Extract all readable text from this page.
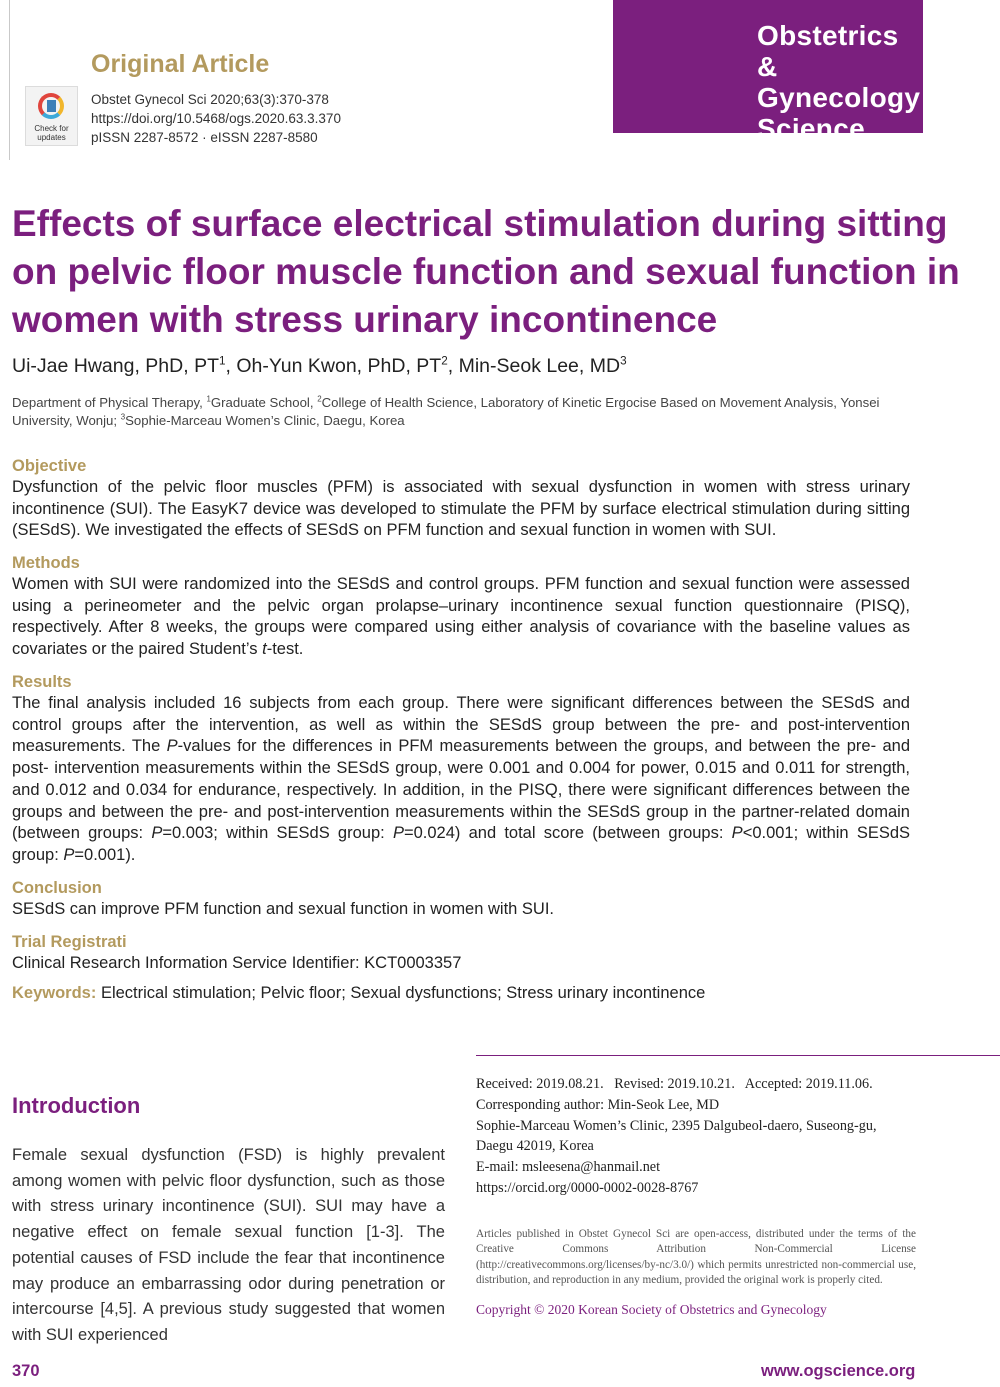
Original Article
Check for updates
Obstet Gynecol Sci 2020;63(3):370-378
https://doi.org/10.5468/ogs.2020.63.3.370
pISSN 2287-8572 · eISSN 2287-8580
Obstetrics &
Gynecology
Science
Effects of surface electrical stimulation during sitting on pelvic floor muscle function and sexual function in women with stress urinary incontinence
Ui-Jae Hwang, PhD, $PT^1$, Oh-Yun Kwon, PhD, $PT^2$, Min-Seok Lee, $MD^3$
Department of Physical Therapy, $^1$Graduate School, $^2$College of Health Science, Laboratory of Kinetic Ergocise Based on Movement Analysis, Yonsei University, Wonju; $^3$Sophie-Marceau Women’s Clinic, Daegu, Korea
Objective
Dysfunction of the pelvic floor muscles (PFM) is associated with sexual dysfunction in women with stress urinary incontinence (SUI). The EasyK7 device was developed to stimulate the PFM by surface electrical stimulation during sitting (SESdS). We investigated the effects of SESdS on PFM function and sexual function in women with SUI.
Methods
Women with SUI were randomized into the SESdS and control groups. PFM function and sexual function were assessed using a perineometer and the pelvic organ prolapse–urinary incontinence sexual function questionnaire (PISQ), respectively. After 8 weeks, the groups were compared using either analysis of covariance with the baseline values as covariates or the paired Student’s t-test.
Results
The final analysis included 16 subjects from each group. There were significant differences between the SESdS and control groups after the intervention, as well as within the SESdS group between the pre- and post-intervention measurements. The P-values for the differences in PFM measurements between the groups, and between the pre- and post- intervention measurements within the SESdS group, were 0.001 and 0.004 for power, 0.015 and 0.011 for strength, and 0.012 and 0.034 for endurance, respectively. In addition, in the PISQ, there were significant differences between the groups and between the pre- and post-intervention measurements within the SESdS group in the partner-related domain (between groups: P=0.003; within SESdS group: P=0.024) and total score (between groups: P<0.001; within SESdS group: P=0.001).
Conclusion
SESdS can improve PFM function and sexual function in women with SUI.
Trial Registrati
Clinical Research Information Service Identifier: KCT0003357
Keywords: Electrical stimulation; Pelvic floor; Sexual dysfunctions; Stress urinary incontinence
Introduction
Female sexual dysfunction (FSD) is highly prevalent among women with pelvic floor dysfunction, such as those with stress urinary incontinence (SUI). SUI may have a negative effect on female sexual function [1-3]. The potential causes of FSD include the fear that incontinence may produce an embarrassing odor during penetration or intercourse [4,5]. A previous study suggested that women with SUI experienced
Received: 2019.08.21.   Revised: 2019.10.21.   Accepted: 2019.11.06.
Corresponding author: Min-Seok Lee, MD
Sophie-Marceau Women’s Clinic, 2395 Dalgubeol-daero, Suseong-gu, Daegu 42019, Korea
E-mail: msleesena@hanmail.net
https://orcid.org/0000-0002-0028-8767
Articles published in Obstet Gynecol Sci are open-access, distributed under the terms of the Creative Commons Attribution Non-Commercial License (http://creativecommons.org/licenses/by-nc/3.0/) which permits unrestricted non-commercial use, distribution, and reproduction in any medium, provided the original work is properly cited.
Copyright © 2020 Korean Society of Obstetrics and Gynecology
370	www.ogscience.org
